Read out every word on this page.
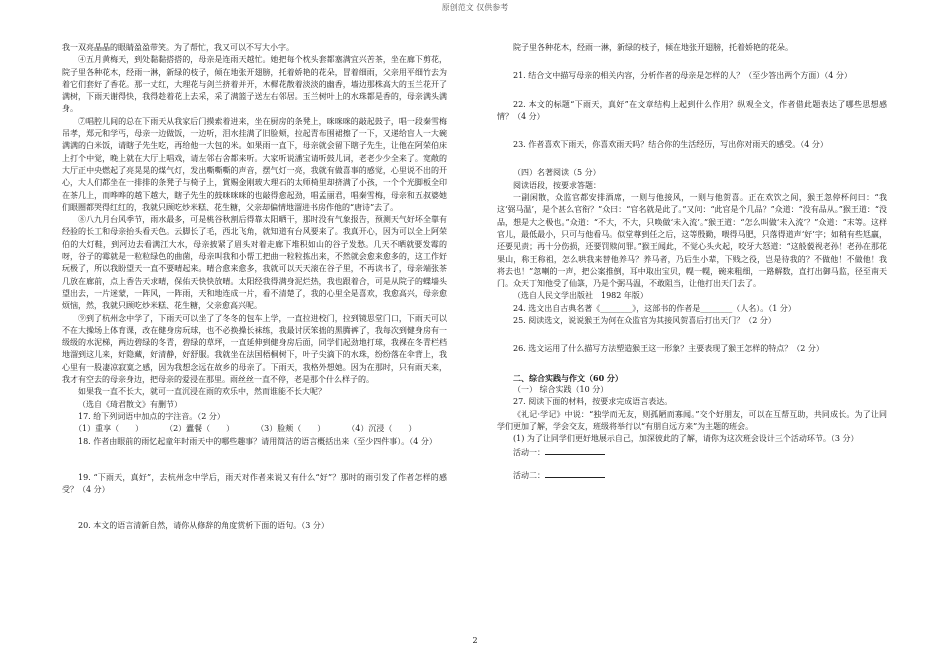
原创范文 仅供参考

我一双亮晶晶的眼睛盈盈带笑。为了帮忙，我又可以不写大小字。

④五月黄梅天，到处黏黏搭搭的，母亲是连雨天越忙。她把每个枕头套都塞满宜兴苦茶，坐在廊下剪花，院子里各种花木，经雨一淋，新绿的枝子，倾在地张开翅膀，托着娇艳的花朵，冒着细雨，父亲用平细竹去为着它们套好了香花。那一丈红，大理花与剑兰挤着并开，木樨花散着淡淡的幽香，墙边那株高大的玉兰花开了满树，下雨天谢得快，我得趁着花上去采，采了满篮子送左右邻居。玉兰树叶上的水珠都是香的，母亲满头满身。

⑦唱腔儿间的总在下雨天从我家后门摸索着进来，坐在厨房的条凳上，咪咪咪的敲起鼓子，唱一段秦雪梅吊孝，郑元和学丐，母亲一边做饭，一边听，泪水挂满了旧脸颊，拉起青布围裙擦了一下，又递给盲人一大碗满满的白米饭，请瞎子先生吃，再给他一大包的米。如果雨一直下，母亲就会留下瞎子先生，让他在阿荣伯床上打个中觉，晚上就在大厅上唱戏，请左邻右舍都来听。大家听说潘宝请听鼓儿词，老老少少全来了。宽敞的大厅正中央燃起了亮晃晃的煤气灯，发出嘶嘶嘶的声音，摆气灯一亮，我就有做喜事的感觉，心里说不出的开心，大人们都坐在一排排的条凳子与椅子上，賞赐金刚玻大理石的太师椅里却挤满了小孩，一个个光脚板全印在茶几上，而哗哗的越下越大，瞎子先生的鼓咪咪咪的也敲得愈起劲，唱孟丽君，唱秦雪梅，母亲和五叔婆她们眼圈都哭得红红的，我就只顾吃炒米糕、花生糖，父亲却偏情地溜进书房作他的“唐诗”去了。

⑧八九月台风季节，雨水最多，可是桃谷秋割后得靠太阳晒干，那时没有气象报告，预测天气好坏全靠有经验的长工和母亲抬头看天色。云脚长了毛，西北飞角，就知道有台风要来了。我真开心，因为可以全上阿荣伯的大灯鞋，到河边去看满江大水，母亲披紧了眉头对着走廊下堆积如山的谷子发愁。几天不晒就要发霉的呀，谷子的霉就是一粒粒绿色的曲菌，母亲叫我和小帮工把曲一粒粒拣出来，不然就会愈来愈多的，这工作好玩极了，所以我盼望天一直不要晴起来。晴合愈来愈多，我就可以天天滚在谷子里，不再读书了，母亲端张茶几放在廊前，点上香告天求晴，保佑天快快放晴。太阳经我得满身泥烂热，我也跟着合，可是从院子的蝶墙头望出去，一片迷蒙，一阵风，一阵雨，天和地连成一片，看不清楚了，我的心里全是喜欢，我愈高兴，母亲愈烦恼，然，我就只顾吃炒米糕、花生糖，父亲愈高兴呢。

⑨到了杭州念中学了，下雨天可以坐了了冬冬的包车上学，一直拉进校门，拉到镜思堂门口，下雨天可以不在大操场上体育课，改在健身房玩球，也不必换操长袜练，我最讨厌笨拙的黑腾裤了，我每次到健身房有一级级的水泥梯，两边碧绿的冬青，碧绿的草坪，一直延伸到健身房后面，同学们起劲地打球，我裸在冬青栏档地溜到这儿来，好隐藏，好清静，好舒服。我就坐在法国梧桐树下，叶子尖滴下的水珠，纷纷落在伞背上，我心里有一股凄凉寂寞之感，因为我想念远在故乡的母亲了。下雨天，我格外想她。因为在那时，只有雨天来，我才有空去的母亲身边，把母亲的爱浸在那里。雨丝丝一直不停，老是那个什么样子的。

如果我一直不长大，就可一直沉浸在雨的欢乐中，然而谁能不长大呢？

（选自《琦君散文》有删节）

17. 给下列词语中加点的字注音。（2 分）

（1）重享（　　）	（2）蠹餐（　　）	（3）脸颊（　　）	（4）沉浸（　　）

18. 作者由眼前的雨忆起童年时雨天中的哪些趣事？请用简洁的语言概括出来（至少四件事）。（4 分）

19. “下雨天，真好”，去杭州念中学后，雨天对作者来说又有什么“好”？那时的雨引发了作者怎样的感受？（4 分）

20. 本文的语言清新自然，请你从修辞的角度赏析下面的语句。（3 分）

院子里各种花木，经雨一淋，新绿的枝子，倾在地张开翅膀，托着娇艳的花朵。

21. 结合文中描写母亲的相关内容，分析作者的母亲是怎样的人？（至少答出两个方面）（4 分）

22. 本文的标题“下雨天，真好”在文章结构上起到什么作用？纵观全文，作者借此题表达了哪些思想感情？（4 分）

23. 作者喜欢下雨天，你喜欢雨天吗？结合你的生活经历，写出你对雨天的感受。（4 分）

（四）名著阅读（5 分）

阅读语段，按要求答题：

一副闲散，众监官都安排酒席，一则与他接风，一则与他贺喜。正在欢饮之间，猴王忽停杯问曰：“我这‘弼马温’，是个甚么官衔？”众曰：“官名就是此了。”又问：“此官是个几品？”众道：“没有品从。”猴王道：“没品，想是大之极也。”众道：“不大，不大，只唤做‘未入流’。”猴王道：“怎么叫做‘未入流’？”众道：“末等。这样官儿，最低最小，只可与他看马。似堂尊到任之后，这等殷勤，喂得马肥，只落得道声‘好’字；如稍有些尪羸，还要见责；再十分伤损，还要罚赎问罪。”猴王闻此，不觉心头火起，咬牙大怒道：“这般藐视老孙！老孙在那花果山，称王称祖，怎么哄我来替他养马？养马者，乃后生小辈，下贱之役，岂是待我的？不做他！不做他！我将去也！”忽喇的一声，把公案推倒，耳中取出宝贝，幌一幌，碗来粗细，一路解数，直打出御马监，径至南天门。众天丁知他受了仙箓，乃是个弼马温，不敢阻当，让他打出天门去了。

（选自人民文学出版社　1982 年版）

24. 选文出自古典名著《________》，这部书的作者是________（人名）。（1 分）

25. 阅读选文，说说猴王为何在众监官为其接风贺喜后打出天门？（2 分）

26. 选文运用了什么描写方法塑造猴王这一形象？主要表现了猴王怎样的特点？（2 分）

二、综合实践与作文（60 分）

（一） 综合实践（10 分）

27. 阅读下面的材料，按要求完成语言表达。

《礼记·学记》中说：“独学而无友，则孤陋而寡闻。”交个好朋友，可以在互帮互助，共同成长。为了让同学们更加了解，学会交友，班级将举行以“有朋自远方来”为主题的班会。

(1) 为了让同学们更好地展示自己，加深彼此的了解，请你为这次班会设计三个活动环节。（3 分）

活动一：

活动二：

2
